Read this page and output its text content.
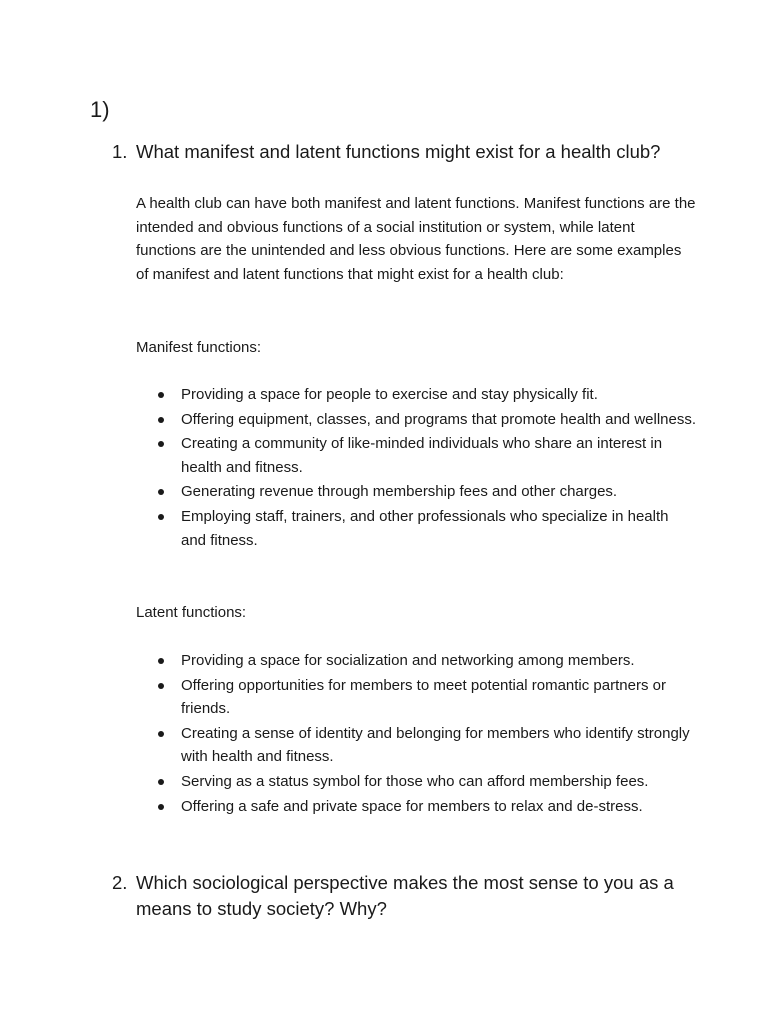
1)
1. What manifest and latent functions might exist for a health club?
A health club can have both manifest and latent functions. Manifest functions are the intended and obvious functions of a social institution or system, while latent functions are the unintended and less obvious functions. Here are some examples of manifest and latent functions that might exist for a health club:
Manifest functions:
Providing a space for people to exercise and stay physically fit.
Offering equipment, classes, and programs that promote health and wellness.
Creating a community of like-minded individuals who share an interest in health and fitness.
Generating revenue through membership fees and other charges.
Employing staff, trainers, and other professionals who specialize in health and fitness.
Latent functions:
Providing a space for socialization and networking among members.
Offering opportunities for members to meet potential romantic partners or friends.
Creating a sense of identity and belonging for members who identify strongly with health and fitness.
Serving as a status symbol for those who can afford membership fees.
Offering a safe and private space for members to relax and de-stress.
2. Which sociological perspective makes the most sense to you as a means to study society? Why?
